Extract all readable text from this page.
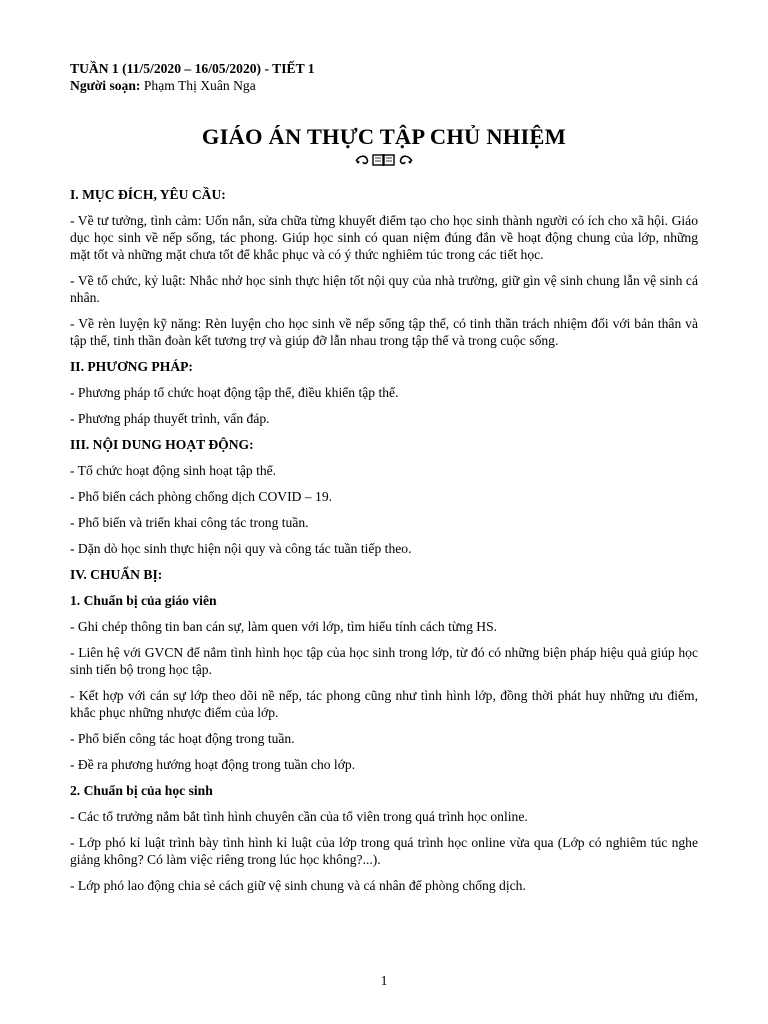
TUẦN 1 (11/5/2020 – 16/05/2020) - TIẾT 1

Người soạn: Phạm Thị Xuân Nga

GIÁO ÁN THỰC TẬP CHỦ NHIỆM
I. MỤC ĐÍCH, YÊU CẦU:

- Về tư tưởng, tình cảm: Uốn nắn, sửa chữa từng khuyết điểm tạo cho học sinh thành người có ích cho xã hội. Giáo dục học sinh về nếp sống, tác phong. Giúp học sinh có quan niệm đúng đắn về hoạt động chung của lớp, những mặt tốt và những mặt chưa tốt để khắc phục và có ý thức nghiêm túc trong các tiết học.

- Về tổ chức, kỷ luật: Nhắc nhở học sinh thực hiện tốt nội quy của nhà trường, giữ gìn vệ sinh chung lẫn vệ sinh cá nhân.

- Về rèn luyện kỹ năng: Rèn luyện cho học sinh về nếp sống tập thể, có tinh thần trách nhiệm đối với bản thân và tập thể, tinh thần đoàn kết tương trợ và giúp đỡ lẫn nhau trong tập thể và trong cuộc sống.

II. PHƯƠNG PHÁP:

- Phương pháp tổ chức hoạt động tập thể, điều khiển tập thể.

- Phương pháp thuyết trình, vấn đáp.

III. NỘI DUNG HOẠT ĐỘNG:

- Tổ chức hoạt động sinh hoạt tập thể.

- Phổ biến cách phòng chống dịch COVID – 19.

- Phổ biến và triển khai công tác trong tuần.

- Dặn dò học sinh thực hiện nội quy và công tác tuần tiếp theo.

IV. CHUẨN BỊ:
1. Chuẩn bị của giáo viên

- Ghi chép thông tin ban cán sự, làm quen với lớp, tìm hiểu tính cách từng HS.

- Liên hệ với GVCN để nắm tình hình học tập của học sinh trong lớp, từ đó có những biện pháp hiệu quả giúp học sinh tiến bộ trong học tập.

- Kết hợp với cán sự lớp theo dõi nề nếp, tác phong cũng như tình hình lớp, đồng thời phát huy những ưu điểm, khắc phục những nhược điểm của lớp.

- Phổ biến công tác hoạt động trong tuần.

- Đề ra phương hướng hoạt động trong tuần cho lớp.

2. Chuẩn bị của học sinh

- Các tổ trưởng nắm bắt tình hình chuyên cần của tổ viên trong quá trình học online.

- Lớp phó kỉ luật trình bày tình hình kỉ luật của lớp trong quá trình học online vừa qua (Lớp có nghiêm túc nghe giảng không? Có làm việc riêng trong lúc học không?...).

- Lớp phó lao động chia sẻ cách giữ vệ sinh chung và cá nhân để phòng chống dịch.

1
